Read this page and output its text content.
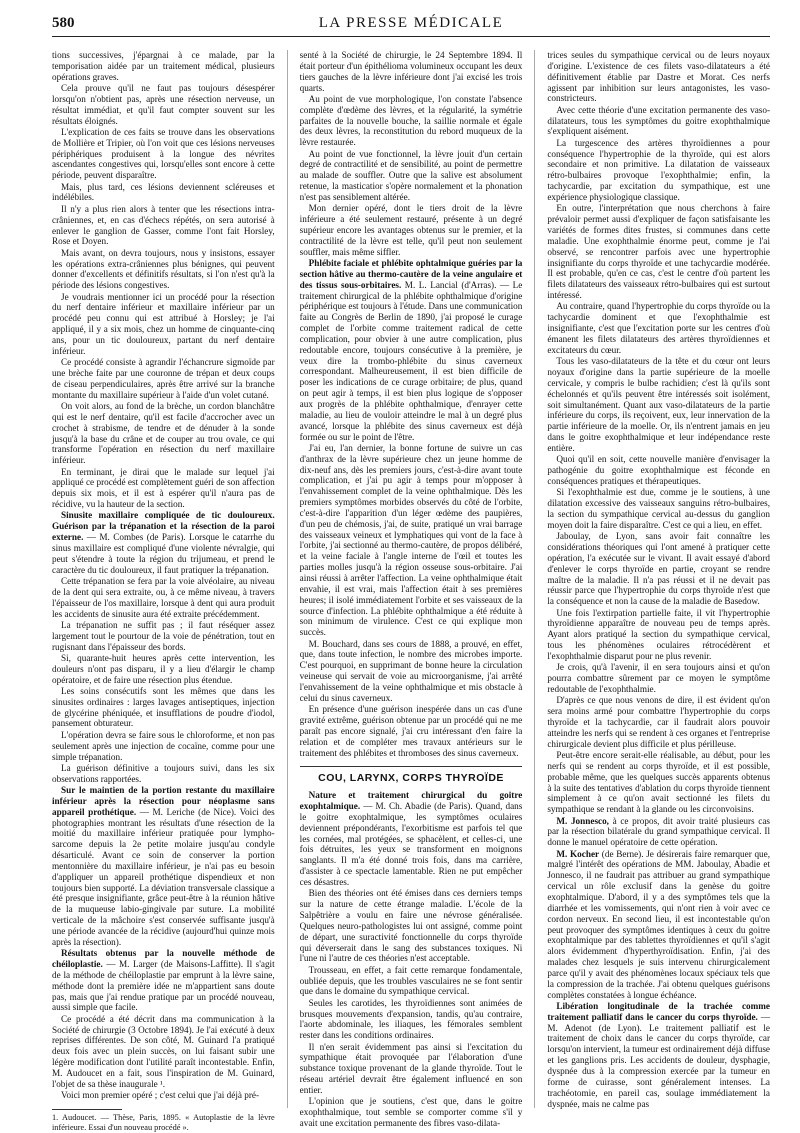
580	LA PRESSE MÉDICALE

tions successives, j'épargnai à ce malade, par la temporisation aidée par un traitement médical, plusieurs opérations graves.

Cela prouve qu'il ne faut pas toujours désespérer lorsqu'on n'obtient pas, après une résection nerveuse, un résultat immédiat, et qu'il faut compter souvent sur les résultats éloignés.

L'explication de ces faits se trouve dans les observations de Mollière et Tripier, où l'on voit que ces lésions nerveuses périphériques produisent à la longue des névrites ascendantes congestives qui, lorsqu'elles sont encore à cette période, peuvent disparaître.

Mais, plus tard, ces lésions deviennent scléreuses et indélébiles.

Il n'y a plus rien alors à tenter que les résections intra-crâniennes, et, en cas d'échecs répétés, on sera autorisé à enlever le ganglion de Gasser, comme l'ont fait Horsley, Rose et Doyen.

Mais avant, on devra toujours, nous y insistons, essayer les opérations extra-crâniennes plus bénignes, qui peuvent donner d'excellents et définitifs résultats, si l'on n'est qu'à la période des lésions congestives.

Je voudrais mentionner ici un procédé pour la résection du nerf dentaire inférieur et maxillaire inférieur par un procédé peu connu qui est attribué à Horsley; je l'ai appliqué, il y a six mois, chez un homme de cinquante-cinq ans, pour un tic douloureux, partant du nerf dentaire inférieur.

Ce procédé consiste à agrandir l'échancrure sigmoïde par une brèche faite par une couronne de trépan et deux coups de ciseau perpendiculaires, après être arrivé sur la branche montante du maxillaire supérieur à l'aide d'un volet cutané.

On voit alors, au fond de la brèche, un cordon blanchâtre qui est le nerf dentaire, qu'il est facile d'accrocher avec un crochet à strabisme, de tendre et de dénuder à la sonde jusqu'à la base du crâne et de couper au trou ovale, ce qui transforme l'opération en résection du nerf maxillaire inférieur.

En terminant, je dirai que le malade sur lequel j'ai appliqué ce procédé est complètement guéri de son affection depuis six mois, et il est à espérer qu'il n'aura pas de récidive, vu la hauteur de la section.

Sinusite maxillaire compliquée de tic douloureux. Guérison par la trépanation et la résection de la paroi externe. — M. Combes (de Paris). Lorsque le catarrhe du sinus maxillaire est compliqué d'une violente névralgie, qui peut s'étendre à toute la région du trijumeau, et prend le caractère du tic douloureux, il faut pratiquer la trépanation.

Cette trépanation se fera par la voie alvéolaire, au niveau de la dent qui sera extraite, ou, à ce même niveau, à travers l'épaisseur de l'os maxillaire, lorsque à dent qui aura produit les accidents de sinusite aura été extraite précédemment.

La trépanation ne suffit pas ; il faut réséquer assez largement tout le pourtour de la voie de pénétration, tout en rugisnant dans l'épaisseur des bords.

Si, quarante-huit heures après cette intervention, les douleurs n'ont pas disparu, il y a lieu d'élargir le champ opératoire, et de faire une résection plus étendue.

Les soins consécutifs sont les mêmes que dans les sinusites ordinaires : larges lavages antiseptiques, injection de glycérine phéniquée, et insufflations de poudre d'iodol, pansement obturateur.

L'opération devra se faire sous le chloroforme, et non pas seulement après une injection de cocaïne, comme pour une simple trépanation.

La guérison définitive a toujours suivi, dans les six observations rapportées.

Sur le maintien de la portion restante du maxillaire inférieur après la résection pour néoplasme sans appareil prothétique. — M. Leriche (de Nice). Voici des photographies montrant les résultats d'une résection de la moitié du maxillaire inférieur pratiquée pour lympho-sarcome depuis la 2e petite molaire jusqu'au condyle désarticulé. Avant ce soin de conserver la portion mentonnière du maxillaire inférieur, je n'ai pas eu besoin d'appliquer un appareil prothétique dispendieux et non toujours bien supporté. La déviation transversale classique a été presque insignifiante, grâce peut-être à la réunion hâtive de la muqueuse labio-gingivale par suture. La mobilité verticale de la mâchoire s'est conservée suffisante jusqu'à une période avancée de la récidive (aujourd'hui quinze mois après la résection).

Résultats obtenus par la nouvelle méthode de chéiloplastie. — M. Larger (de Maisons-Laffitte). Il s'agit de la méthode de chéiloplastie par emprunt à la lèvre saine, méthode dont la première idée ne m'appartient sans doute pas, mais que j'ai rendue pratique par un procédé nouveau, aussi simple que facile.

Ce procédé a été décrit dans ma communication à la Société de chirurgie (3 Octobre 1894). Je l'ai exécuté à deux reprises différentes. De son côté, M. Guinard l'a pratiqué deux fois avec un plein succès, on lui faisant subir une légère modification dont l'utilité paraît incontestable. Enfin, M. Audoucet en a fait, sous l'inspiration de M. Guinard, l'objet de sa thèse inaugurale ¹.

Voici mon premier opéré ; c'est celui que j'ai déjà pré-

1. Audoucet. — Thèse, Paris, 1895. « Autoplastie de la lèvre inférieure. Essai d'un nouveau procédé ».

senté à la Société de chirurgie, le 24 Septembre 1894. Il était porteur d'un épithélioma volumineux occupant les deux tiers gauches de la lèvre inférieure dont j'ai excisé les trois quarts.

Au point de vue morphologique, l'on constate l'absence complète d'œdème des lèvres, et la régularité, la symétrie parfaites de la nouvelle bouche, la saillie normale et égale des deux lèvres, la reconstitution du rebord muqueux de la lèvre restaurée.

Au point de vue fonctionnel, la lèvre jouit d'un certain degré de contractilité et de sensibilité, au point de permettre au malade de souffler. Outre que la salive est absolument retenue, la masticatior s'opère normalement et la phonation n'est pas sensiblement altérée.

Mon dernier opéré, dont le tiers droit de la lèvre inférieure a été seulement restauré, présente à un degré supérieur encore les avantages obtenus sur le premier, et la contractilité de la lèvre est telle, qu'il peut non seulement souffler, mais même siffler.

Phlébite faciale et phlébite ophtalmique guéries par la section hâtive au thermo-cautère de la veine angulaire et des tissus sous-orbitaires. M. L. Lancial (d'Arras). — Le traitement chirurgical de la phlébite ophthalmique d'origine périphérique est toujours à l'étude. Dans une communication faite au Congrès de Berlin de 1890, j'ai proposé le curage complet de l'orbite comme traitement radical de cette complication, pour obvier à une autre complication, plus redoutable encore, toujours consécutive à la première, je veux dire la trombo-phlébite du sinus caverneux correspondant. Malheureusement, il est bien difficile de poser les indications de ce curage orbitaire; de plus, quand on peut agir à temps, il est bien plus logique de s'opposer aux progrès de la phlébite ophthalmique, d'enrayer cette maladie, au lieu de vouloir atteindre le mal à un degré plus avancé, lorsque la phlébite des sinus caverneux est déjà formée ou sur le point de l'être.

J'ai eu, l'an dernier, la bonne fortune de suivre un cas d'anthrax de la lèvre supérieure chez un jeune homme de dix-neuf ans, dès les premiers jours, c'est-à-dire avant toute complication, et j'ai pu agir à temps pour m'opposer à l'envahissement complet de la veine ophthalmique. Dès les premiers symptômes morbides observés du côté de l'orbite, c'est-à-dire l'apparition d'un léger œdème des paupières, d'un peu de chémosis, j'ai, de suite, pratiqué un vrai barrage des vaisseaux veineux et lymphatiques qui vont de la face à l'orbite, j'ai sectionné au thermo-cautère, de propos délibéré, et la veine faciale à l'angle interne de l'œil et toutes les parties molles jusqu'à la région osseuse sous-orbitaire. J'ai ainsi réussi à arrêter l'affection. La veine ophthalmique était envahie, il est vrai, mais l'affection était à ses premières heures; il isolé immédiatement l'orbite et ses vaisseaux de la source d'infection. La phlébite ophthalmique a été réduite à son minimum de virulence. C'est ce qui explique mon succès.

M. Bouchard, dans ses cours de 1888, a prouvé, en effet, que, dans toute infection, le nombre des microbes importe. C'est pourquoi, en supprimant de bonne heure la circulation veineuse qui servait de voie au microorganisme, j'ai arrêté l'envahissement de la veine ophthalmique et mis obstacle à celui du sinus caverneux.

En présence d'une guérison inespérée dans un cas d'une gravité extrême, guérison obtenue par un procédé qui ne me paraît pas encore signalé, j'ai cru intéressant d'en faire la relation et de compléter mes travaux antérieurs sur le traitement des phlébites et thromboses des sinus caverneux.

COU, LARYNX, CORPS THYROÏDE

Nature et traitement chirurgical du goitre exophtalmique. — M. Ch. Abadie (de Paris). Quand, dans le goitre exophtalmique, les symptômes oculaires deviennent prépondérants, l'exorbitisme est parfois tel que les cornées, mal protégées, se sphacèlent, et celles-ci, une fois détruites, les yeux se transforment en moignons sanglants. Il m'a été donné trois fois, dans ma carrière, d'assister à ce spectacle lamentable. Rien ne put empêcher ces désastres.

Bien des théories ont été émises dans ces derniers temps sur la nature de cette étrange maladie. L'école de la Salpêtrière a voulu en faire une névrose généralisée. Quelques neuro-pathologistes lui ont assigné, comme point de départ, une suractivité fonctionnelle du corps thyroïde qui déverserait dans le sang des substances toxiques. Ni l'une ni l'autre de ces théories n'est acceptable.

Trousseau, en effet, a fait cette remarque fondamentale, oubliée depuis, que les troubles vasculaires ne se font sentir que dans le domaine du sympathique cervical.

Seules les carotides, les thyroïdiennes sont animées de brusques mouvements d'expansion, tandis, qu'au contraire, l'aorte abdominale, les iliaques, les fémorales semblent rester dans les conditions ordinaires.

Il n'en serait évidemment pas ainsi si l'excitation du sympathique était provoquée par l'élaboration d'une substance toxique provenant de la glande thyroïde. Tout le réseau artériel devrait être également influencé en son entier.

L'opinion que je soutiens, c'est que, dans le goitre exophthalmique, tout semble se comporter comme s'il y avait une excitation permanente des fibres vaso-dilata-

trices seules du sympathique cervical ou de leurs noyaux d'origine. L'existence de ces filets vaso-dilatateurs a été définitivement établie par Dastre et Morat. Ces nerfs agissent par inhibition sur leurs antagonistes, les vaso-constricteurs.

Avec cette théorie d'une excitation permanente des vaso-dilatateurs, tous les symptômes du goitre exophthalmique s'expliquent aisément.

La turgescence des artères thyroïdiennes a pour conséquence l'hypertrophie de la thyroïde, qui est alors secondaire et non primitive. La dilatation de vaisseaux rétro-bulbaires provoque l'exophthalmie; enfin, la tachycardie, par excitation du sympathique, est une expérience physiologique classique.

En outre, l'interprétation que nous cherchons à faire prévaloir permet aussi d'expliquer de façon satisfaisante les variétés de formes dites frustes, si communes dans cette maladie. Une exophthalmie énorme peut, comme je l'ai observé, se rencontrer parfois avec une hypertrophie insignifiante du corps thyroïde et une tachycardie modérée. Il est probable, qu'en ce cas, c'est le centre d'où partent les filets dilatateurs des vaisseaux rétro-bulbaires qui est surtout intéressé.

Au contraire, quand l'hypertrophie du corps thyroïde ou la tachycardie dominent et que l'exophthalmie est insignifiante, c'est que l'excitation porte sur les centres d'où émanent les filets dilatateurs des artères thyroïdiennes et excitateurs du cœur.

Tous les vaso-dilatateurs de la tête et du cœur ont leurs noyaux d'origine dans la partie supérieure de la moelle cervicale, y compris le bulbe rachidien; c'est là qu'ils sont échelonnés et qu'ils peuvent être intéressés soit isolément, soit simultanément. Quant aux vaso-dilatateurs de la partie inférieure du corps, ils reçoivent, eux, leur innervation de la partie inférieure de la moelle. Or, ils n'entrent jamais en jeu dans le goitre exophthalmique et leur indépendance reste entière.

Quoi qu'il en soit, cette nouvelle manière d'envisager la pathogénie du goitre exophthalmique est féconde en conséquences pratiques et thérapeutiques.

Si l'exophthalmie est due, comme je le soutiens, à une dilatation excessive des vaisseaux sanguins rétro-bulbaires, la section du sympathique cervical au-dessus du ganglion moyen doit la faire disparaître. C'est ce qui a lieu, en effet.

Jaboulay, de Lyon, sans avoir fait connaître les considérations théoriques qui l'ont amené à pratiquer cette opération, l'a exécutée sur le vivant. Il avait essayé d'abord d'enlever le corps thyroïde en partie, croyant se rendre maître de la maladie. Il n'a pas réussi et il ne devait pas réussir parce que l'hypertrophie du corps thyroïde n'est que la conséquence et non la cause de la maladie de Basedow.

Une fois l'extirpation partielle faite, il vit l'hypertrophie thyroïdienne apparaître de nouveau peu de temps après. Ayant alors pratiqué la section du sympathique cervical, tous les phénomènes oculaires rétrocédèrent et l'exophthalmie disparut pour ne plus revenir.

Je crois, qu'à l'avenir, il en sera toujours ainsi et qu'on pourra combattre sûrement par ce moyen le symptôme redoutable de l'exophthalmie.

D'après ce que nous venons de dire, il est évident qu'on sera moins armé pour combattre l'hypertrophie du corps thyroïde et la tachycardie, car il faudrait alors pouvoir atteindre les nerfs qui se rendent à ces organes et l'entreprise chirurgicale devient plus difficile et plus périlleuse.

Peut-être encore serait-elle réalisable, au début, pour les nerfs qui se rendent au corps thyroïde, et il est possible, probable même, que les quelques succès apparents obtenus à la suite des tentatives d'ablation du corps thyroïde tiennent simplement à ce qu'on avait sectionné les filets du sympathique se rendant à la glande ou les circonvoisins.

M. Jonnesco, à ce propos, dit avoir traité plusieurs cas par la résection bilatérale du grand sympathique cervical. Il donne le manuel opératoire de cette opération.

M. Kocher (de Berne). Je désirerais faire remarquer que, malgré l'intérêt des opérations de MM. Jaboulay, Abadie et Jonnesco, il ne faudrait pas attribuer au grand sympathique cervical un rôle exclusif dans la genèse du goitre exophtalmique. D'abord, il y a des symptômes tels que la diarrhée et les vomissements, qui n'ont rien à voir avec ce cordon nerveux. En second lieu, il est incontestable qu'on peut provoquer des symptômes identiques à ceux du goitre exophtalmique par des tablettes thyroïdiennes et qu'il s'agit alors évidemment d'hyperthyroïdisation. Enfin, j'ai des malades chez lesquels je suis intervenu chirurgicalement parce qu'il y avait des phénomènes locaux spéciaux tels que la compression de la trachée. J'ai obtenu quelques guérisons complètes constatées à longue échéance.

Libération longitudinale de la trachée comme traitement palliatif dans le cancer du corps thyroïde. — M. Adenot (de Lyon). Le traitement palliatif est le traitement de choix dans le cancer du corps thyroïde, car lorsqu'on intervient, la tumeur est ordinairement déjà diffuse et les ganglions pris. Les accidents de douleur, dysphagie, dyspnée dus à la compression exercée par la tumeur en forme de cuirasse, sont généralement intenses. La trachéotomie, en pareil cas, soulage immédiatement la dyspnée, mais ne calme pas
